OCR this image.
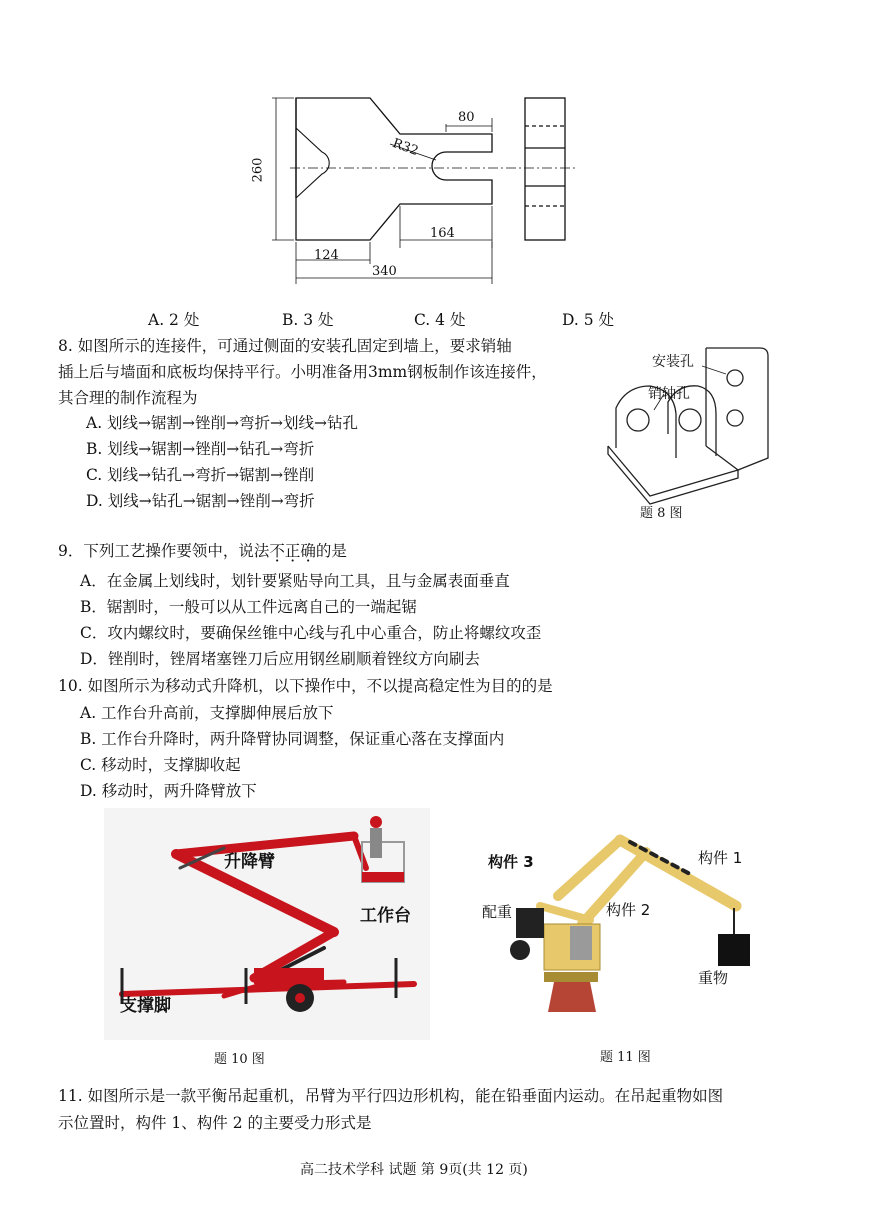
80
R32
260
164
124
340
A. 2 处	B. 3 处	C. 4 处	D. 5 处
8. 如图所示的连接件，可通过侧面的安装孔固定到墙上，要求销轴
插上后与墙面和底板均保持平行。小明准备用3mm钢板制作该连接件，
其合理的制作流程为
A. 划线→锯割→锉削→弯折→划线→钻孔
B. 划线→锯割→锉削→钻孔→弯折
C. 划线→钻孔→弯折→锯割→锉削
D. 划线→钻孔→锯割→锉削→弯折
安装孔
销轴孔
题 8 图
9．下列工艺操作要领中，说法不正确的是
A．在金属上划线时，划针要紧贴导向工具，且与金属表面垂直
B．锯割时，一般可以从工件远离自己的一端起锯
C．攻内螺纹时，要确保丝锥中心线与孔中心重合，防止将螺纹攻歪
D．锉削时，锉屑堵塞锉刀后应用钢丝刷顺着锉纹方向刷去
10. 如图所示为移动式升降机，以下操作中，不以提高稳定性为目的的是
A. 工作台升高前，支撑脚伸展后放下
B. 工作台升降时，两升降臂协同调整，保证重心落在支撑面内
C. 移动时，支撑脚收起
D. 移动时，两升降臂放下
升降臂
工作台
支撑脚
题 10 图
构件 3	构件 1
配重	构件 2
重物
题 11 图
11. 如图所示是一款平衡吊起重机，吊臂为平行四边形机构，能在铅垂面内运动。在吊起重物如图
示位置时，构件 1、构件 2 的主要受力形式是
高二技术学科 试题 第 9页(共 12 页)
